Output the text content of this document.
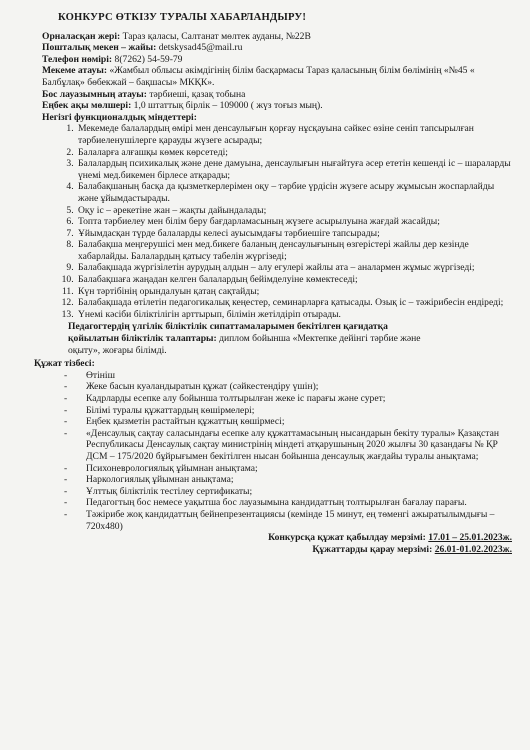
КОНКУРС ӨТКІЗУ ТУРАЛЫ ХАБАРЛАНДЫРУ!

Орналасқан жері: Тараз қаласы, Салтанат мөлтек ауданы, №22В

Пошталық мекен – жайы: detskysad45@mail.ru

Телефон нөмірі: 8(7262) 54-59-79

Мекеме атауы: «Жамбыл облысы әкімдігінің білім басқармасы Тараз қаласының білім бөлімінің «№45 « Балбұлақ» бөбекжай – бақшасы» МКҚК».

Бос лауазымның атауы: тәрбиеші, қазақ тобына

Еңбек ақы мөлшері: 1,0 штаттық бірлік – 109000 ( жүз тоғыз мың).

Негізгі функционалдық міндеттері:

1. Мекемеде балалардың өмірі мен денсаулығын қорғау нұсқауына сәйкес өзіне сеніп тапсырылған тәрбиеленушілерге қарауды жүзеге асырады;
2. Балаларға алғашқы көмек көрсетеді;
3. Балалардың психикалық және дене дамуына, денсаулығын нығайтуға әсер ететін кешенді іс – шараларды үнемі мед.бикемен бірлесе атқарады;
4. Балабақшаның басқа да қызметкерлерімен оқу – тәрбие үрдісін жүзеге асыру жұмысын жоспарлайды және ұйымдастырады.
5. Оқу іс – әрекетіне жан – жақты дайындалады;
6. Топта тәрбиелеу мен білім беру бағдарламасының жүзеге асырылуына жағдай жасайды;
7. Ұйымдасқан түрде балаларды келесі ауысымдағы тәрбиешіге тапсырады;
8. Балабақша меңгерушісі мен мед.бикеге баланың денсаулығының өзгерістері жайлы дер кезінде хабарлайды. Балалардың қатысу табелін жүргізеді;
9. Балабақшада жүргізілетін аурудың алдын – алу егулері жайлы ата – аналармен жұмыс жүргізеді;
10. Балабақшаға жаңадан келген балалардың бейімделуіне көмектеседі;
11. Күн тәртібінің орындалуын қатаң сақтайды;
12. Балабақшада өтілетін педагогикалық кеңестер, семинарларға қатысады. Озық іс – тәжірибесін ендіреді;
13. Үнемі кәсіби біліктілігін арттырып, білімін жетілдіріп отырады.

Педагогтердің үлгілік біліктілік сипаттамаларымен бекітілген қағидатқа

қойылатын біліктілік талаптары: диплом бойынша «Мектепке дейінгі тәрбие және

оқыту», жоғары білімді.

Құжат тізбесі:

- Өтініш
- Жеке басын куәландыратын құжат (сәйкестендіру үшін);
- Кадрларды есепке алу бойынша толтырылған жеке іс парағы және сурет;
- Білімі туралы құжаттардың көшірмелері;
- Еңбек қызметін растайтын құжаттың көшірмесі;
- «Денсаулық сақтау саласындағы есепке алу құжаттамасының нысандарын бекіту туралы» Қазақстан Республикасы Денсаулық сақтау министрінің міндеті атқарушының 2020 жылғы 30 қазандағы № ҚР ДСМ – 175/2020 бұйрығымен бекітілген нысан бойынша денсаулық жағдайы туралы анықтама;
- Психоневрологиялық ұйымнан анықтама;
- Наркологиялық ұйымнан анықтама;
- Ұлттық біліктілік тестілеу сертификаты;
- Педагогтың бос немесе уақытша бос лауазымына кандидаттың толтырылған бағалау парағы.
- Тәжірибе жоқ кандидаттың бейнепрезентациясы (кемінде 15 минут, ең төменгі ажыратылымдығы – 720x480)

Конкурсқа құжат қабылдау мерзімі: 17.01 – 25.01.2023ж.

Құжаттарды қарау мерзімі: 26.01-01.02.2023ж.
